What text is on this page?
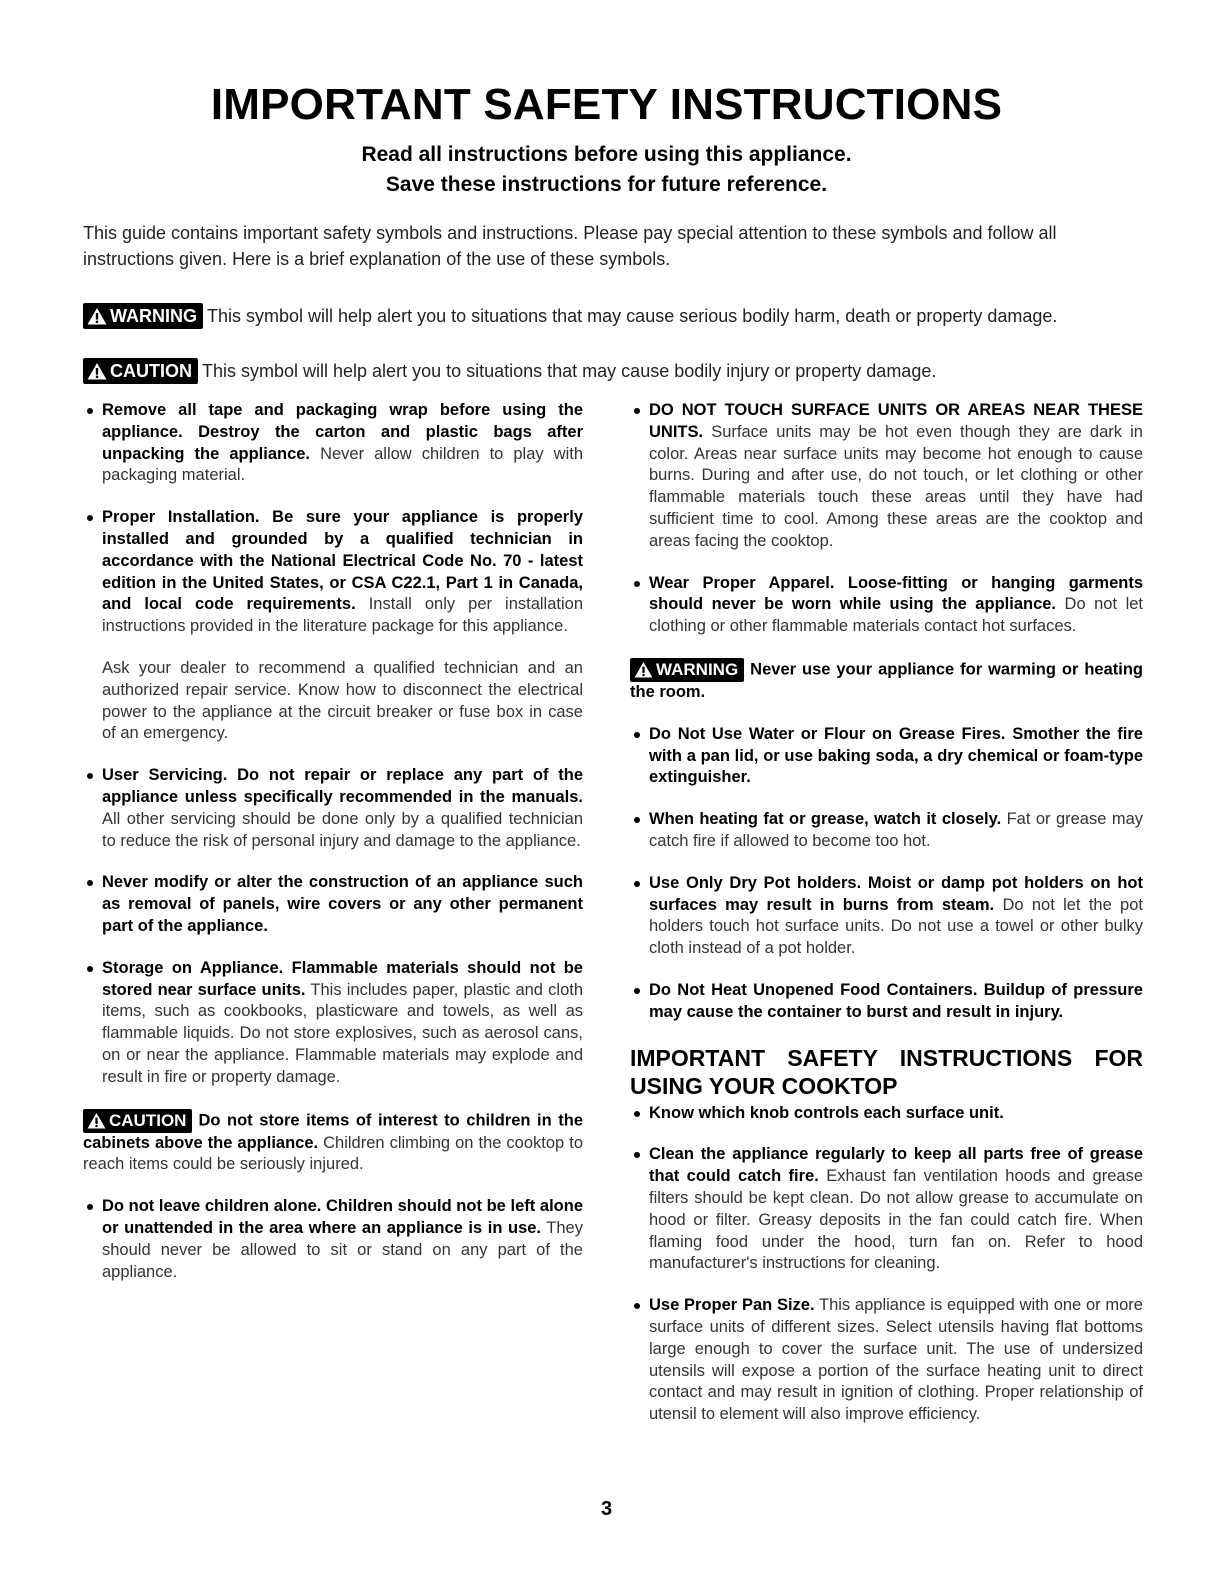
IMPORTANT SAFETY INSTRUCTIONS
Read all instructions before using this appliance.
Save these instructions for future reference.

This guide contains important safety symbols and instructions. Please pay special attention to these symbols and follow all instructions given. Here is a brief explanation of the use of these symbols.

WARNING This symbol will help alert you to situations that may cause serious bodily harm, death or property damage.
CAUTION This symbol will help alert you to situations that may cause bodily injury or property damage.

Remove all tape and packaging wrap before using the appliance. Destroy the carton and plastic bags after unpacking the appliance. Never allow children to play with packaging material.

Proper Installation. Be sure your appliance is properly installed and grounded by a qualified technician in accordance with the National Electrical Code No. 70 - latest edition in the United States, or CSA C22.1, Part 1 in Canada, and local code requirements. Install only per installation instructions provided in the literature package for this appliance.

Ask your dealer to recommend a qualified technician and an authorized repair service. Know how to disconnect the electrical power to the appliance at the circuit breaker or fuse box in case of an emergency.

User Servicing. Do not repair or replace any part of the appliance unless specifically recommended in the manuals. All other servicing should be done only by a qualified technician to reduce the risk of personal injury and damage to the appliance.

Never modify or alter the construction of an appliance such as removal of panels, wire covers or any other permanent part of the appliance.

Storage on Appliance. Flammable materials should not be stored near surface units. This includes paper, plastic and cloth items, such as cookbooks, plasticware and towels, as well as flammable liquids. Do not store explosives, such as aerosol cans, on or near the appliance. Flammable materials may explode and result in fire or property damage.

CAUTION Do not store items of interest to children in the cabinets above the appliance. Children climbing on the cooktop to reach items could be seriously injured.

Do not leave children alone. Children should not be left alone or unattended in the area where an appliance is in use. They should never be allowed to sit or stand on any part of the appliance.

DO NOT TOUCH SURFACE UNITS OR AREAS NEAR THESE UNITS. Surface units may be hot even though they are dark in color. Areas near surface units may become hot enough to cause burns. During and after use, do not touch, or let clothing or other flammable materials touch these areas until they have had sufficient time to cool. Among these areas are the cooktop and areas facing the cooktop.

Wear Proper Apparel. Loose-fitting or hanging garments should never be worn while using the appliance. Do not let clothing or other flammable materials contact hot surfaces.

WARNING Never use your appliance for warming or heating the room.

Do Not Use Water or Flour on Grease Fires. Smother the fire with a pan lid, or use baking soda, a dry chemical or foam-type extinguisher.

When heating fat or grease, watch it closely. Fat or grease may catch fire if allowed to become too hot.

Use Only Dry Pot holders. Moist or damp pot holders on hot surfaces may result in burns from steam. Do not let the pot holders touch hot surface units. Do not use a towel or other bulky cloth instead of a pot holder.

Do Not Heat Unopened Food Containers. Buildup of pressure may cause the container to burst and result in injury.

IMPORTANT SAFETY INSTRUCTIONS FOR USING YOUR COOKTOP

Know which knob controls each surface unit.

Clean the appliance regularly to keep all parts free of grease that could catch fire. Exhaust fan ventilation hoods and grease filters should be kept clean. Do not allow grease to accumulate on hood or filter. Greasy deposits in the fan could catch fire. When flaming food under the hood, turn fan on. Refer to hood manufacturer's instructions for cleaning.

Use Proper Pan Size. This appliance is equipped with one or more surface units of different sizes. Select utensils having flat bottoms large enough to cover the surface unit. The use of undersized utensils will expose a portion of the surface heating unit to direct contact and may result in ignition of clothing. Proper relationship of utensil to element will also improve efficiency.

3
